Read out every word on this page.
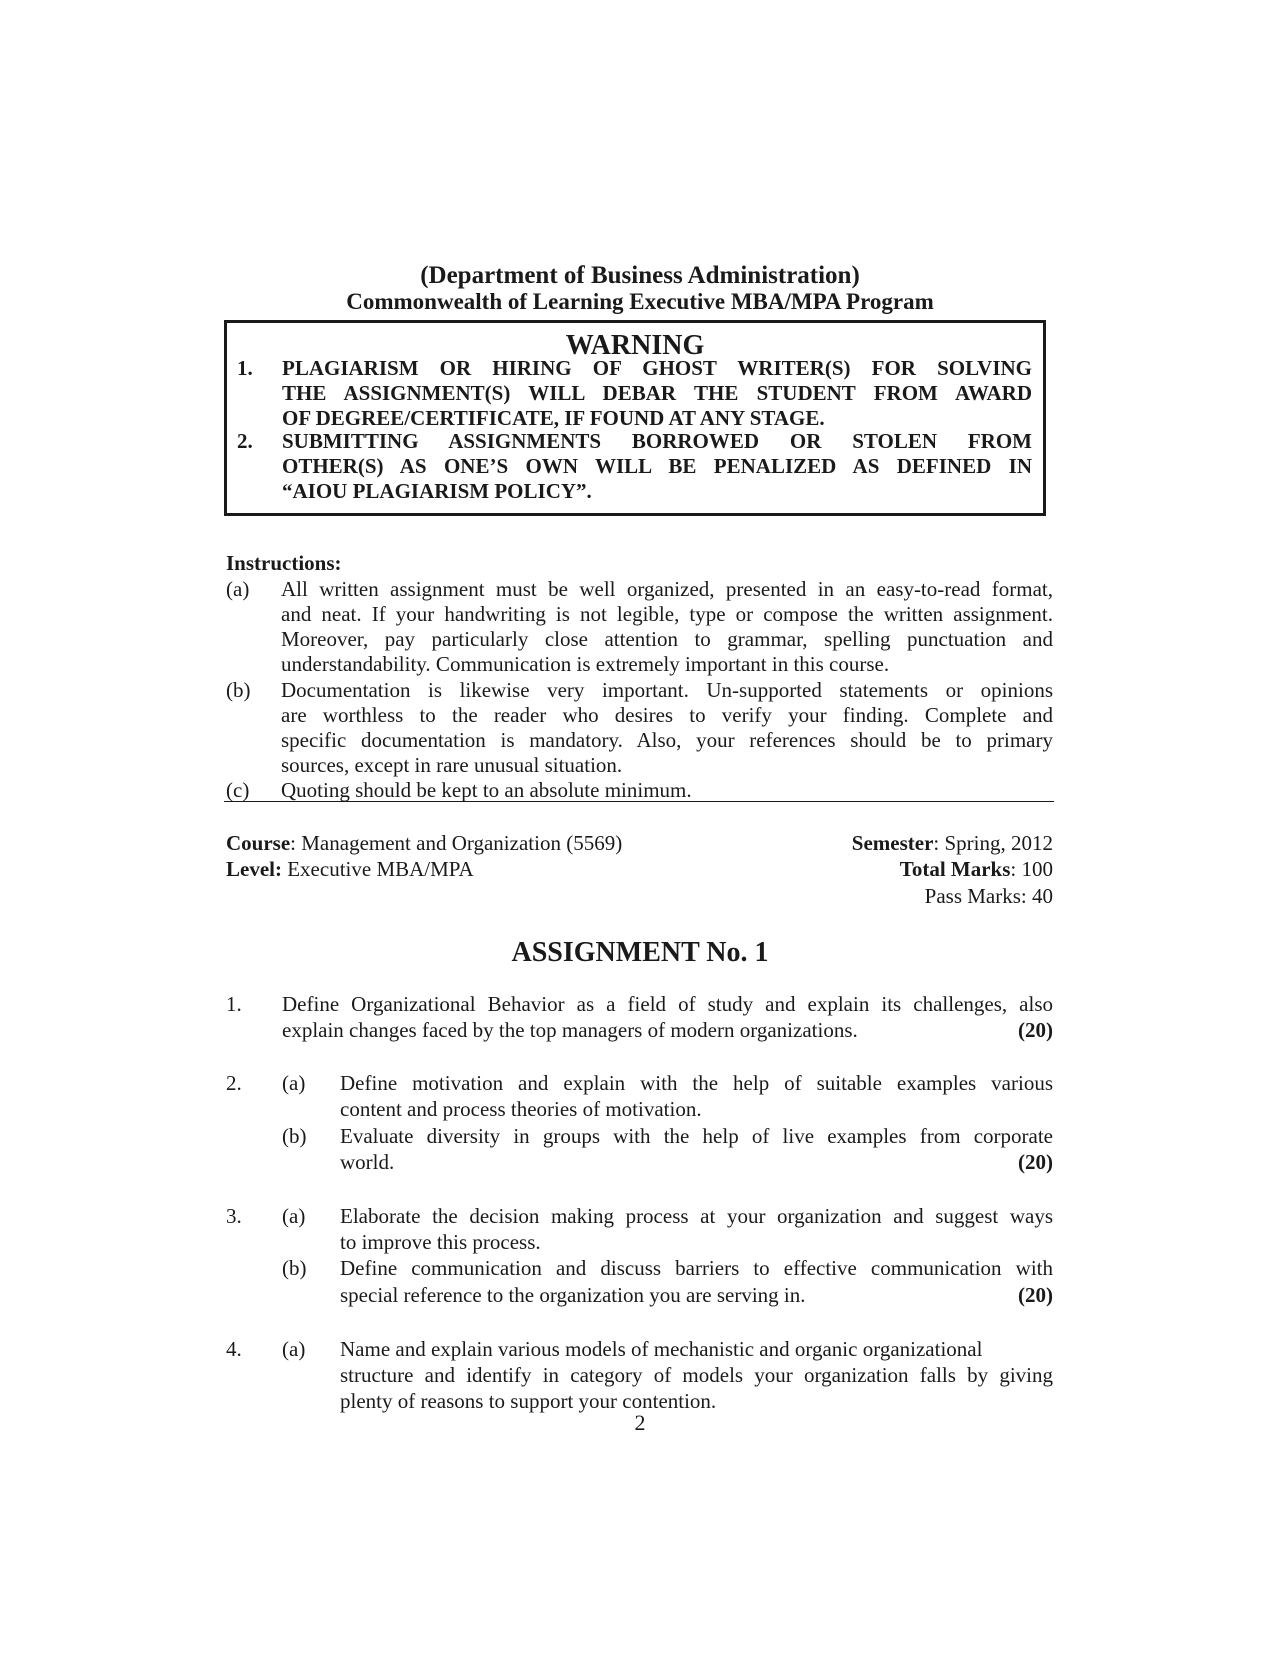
(Department of Business Administration)
Commonwealth of Learning Executive MBA/MPA Program
WARNING
1.	PLAGIARISM OR HIRING OF GHOST WRITER(S) FOR SOLVING
THE ASSIGNMENT(S) WILL DEBAR THE STUDENT FROM AWARD
OF DEGREE/CERTIFICATE, IF FOUND AT ANY STAGE.
2.	SUBMITTING ASSIGNMENTS BORROWED OR STOLEN FROM
OTHER(S) AS ONE’S OWN WILL BE PENALIZED AS DEFINED IN
“AIOU PLAGIARISM POLICY”.
Instructions:
(a)	All written assignment must be well organized, presented in an easy-to-read format,
and neat. If your handwriting is not legible, type or compose the written assignment.
Moreover, pay particularly close attention to grammar, spelling punctuation and
understandability. Communication is extremely important in this course.
(b)	Documentation is likewise very important. Un-supported statements or opinions
are worthless to the reader who desires to verify your finding. Complete and
specific documentation is mandatory. Also, your references should be to primary
sources, except in rare unusual situation.
(c)	Quoting should be kept to an absolute minimum.
Course: Management and Organization (5569)
Level: Executive MBA/MPA
Semester: Spring, 2012
Total Marks: 100
Pass Marks: 40
ASSIGNMENT No. 1
1. Define Organizational Behavior as a field of study and explain its challenges, also
explain changes faced by the top managers of modern organizations.	(20)
2. (a) Define motivation and explain with the help of suitable examples various
content and process theories of motivation.
(b) Evaluate diversity in groups with the help of live examples from corporate
world.	(20)
3. (a) Elaborate the decision making process at your organization and suggest ways
to improve this process.
(b) Define communication and discuss barriers to effective communication with
special reference to the organization you are serving in.	(20)
4. (a) Name and explain various models of mechanistic and organic organizational
structure and identify in category of models your organization falls by giving
plenty of reasons to support your contention.
2
